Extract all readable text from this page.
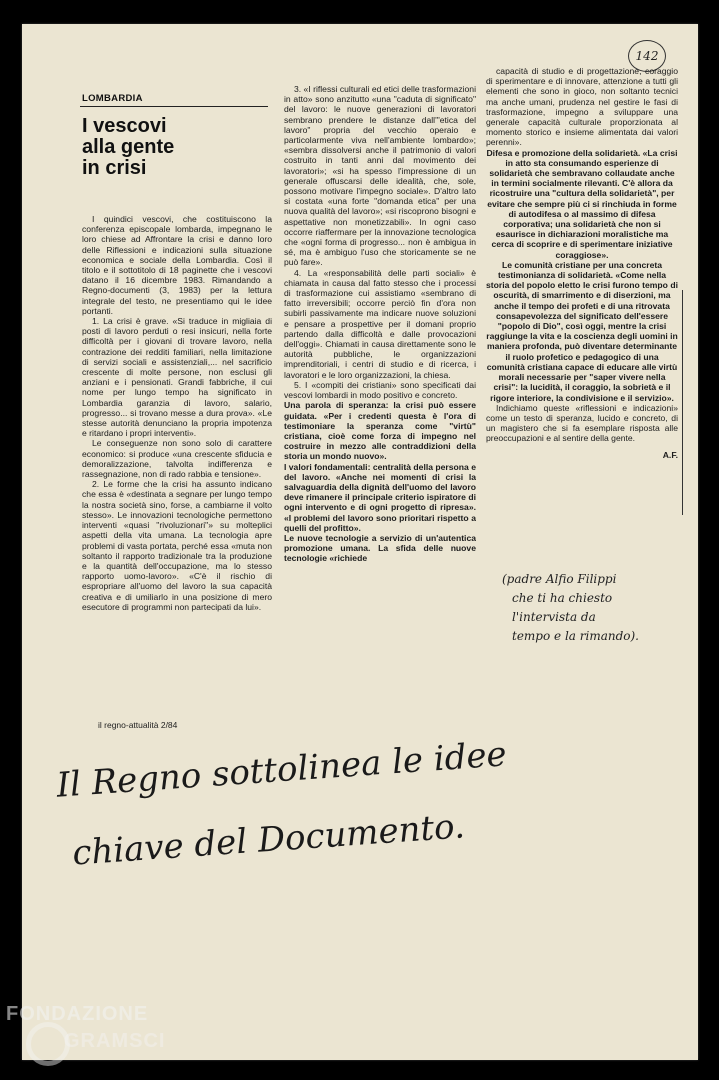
142
LOMBARDIA
I vescovi
alla gente
in crisi

I quindici vescovi, che costituiscono la conferenza episcopale lombarda, impegnano le loro chiese ad Affrontare la crisi e danno loro delle Riflessioni e indicazioni sulla situazione economica e sociale della Lombardia. Così il titolo e il sottotitolo di 18 paginette che i vescovi datano il 16 dicembre 1983. Rimandando a Regno-documenti (3, 1983) per la lettura integrale del testo, ne presentiamo qui le idee portanti.

1. La crisi è grave. «Si traduce in migliaia di posti di lavoro perduti o resi insicuri, nella forte difficoltà per i giovani di trovare lavoro, nella contrazione dei redditi familiari, nella limitazione di servizi sociali e assistenziali,... nel sacrificio crescente di molte persone, non esclusi gli anziani e i pensionati. Grandi fabbriche, il cui nome per lungo tempo ha significato in Lombardia garanzia di lavoro, salario, progresso... si trovano messe a dura prova». «Le stesse autorità denunciano la propria impotenza e ritardano i propri interventi».

Le conseguenze non sono solo di carattere economico: si produce «una crescente sfiducia e demoralizzazione, talvolta indifferenza e rassegnazione, non di rado rabbia e tensione».

2. Le forme che la crisi ha assunto indicano che essa è «destinata a segnare per lungo tempo la nostra società sino, forse, a cambiarne il volto stesso». Le innovazioni tecnologiche permettono interventi «quasi "rivoluzionari"» su molteplici aspetti della vita umana. La tecnologia apre problemi di vasta portata, perché essa «muta non soltanto il rapporto tradizionale tra la produzione e la quantità dell'occupazione, ma lo stesso rapporto uomo-lavoro». «C'è il rischio di espropriare all'uomo del lavoro la sua capacità creativa e di umiliarlo in una posizione di mero esecutore di programmi non partecipati da lui».

il regno-attualità 2/84

3. «I riflessi culturali ed etici delle trasformazioni in atto» sono anzitutto «una "caduta di significato" del lavoro: le nuove generazioni di lavoratori sembrano prendere le distanze dall'"etica del lavoro" propria del vecchio operaio e particolarmente viva nell'ambiente lombardo»; «sembra dissolversi anche il patrimonio di valori costruito in tanti anni dal movimento dei lavoratori»; «si ha spesso l'impressione di un generale offuscarsi delle idealità, che, sole, possono motivare l'impegno sociale». D'altro lato si costata «una forte "domanda etica" per una nuova qualità del lavoro»; «si riscoprono bisogni e aspettative non monetizzabili». In ogni caso occorre riaffermare per la innovazione tecnologica che «ogni forma di progresso... non è ambigua in sé, ma è ambiguo l'uso che storicamente se ne può fare».

4. La «responsabilità delle parti sociali» è chiamata in causa dal fatto stesso che i processi di trasformazione cui assistiamo «sembrano di fatto irreversibili; occorre perciò fin d'ora non subirli passivamente ma indicare nuove soluzioni e pensare a prospettive per il domani proprio partendo dalla difficoltà e dalle provocazioni dell'oggi». Chiamati in causa direttamente sono le autorità pubbliche, le organizzazioni imprenditoriali, i centri di studio e di ricerca, i lavoratori e le loro organizzazioni, la chiesa.

5. I «compiti dei cristiani» sono specificati dai vescovi lombardi in modo positivo e concreto.

Una parola di speranza: la crisi può essere guidata. «Per i credenti questa è l'ora di testimoniare la speranza come "virtù" cristiana, cioè come forza di impegno nel costruire in mezzo alle contraddizioni della storia un mondo nuovo».

I valori fondamentali: centralità della persona e del lavoro. «Anche nei momenti di crisi la salvaguardia della dignità dell'uomo del lavoro deve rimanere il principale criterio ispiratore di ogni intervento e di ogni progetto di ripresa». «I problemi del lavoro sono prioritari rispetto a quelli del profitto».

Le nuove tecnologie a servizio di un'autentica promozione umana. La sfida delle nuove tecnologie «richiede

capacità di studio e di progettazione, coraggio di sperimentare e di innovare, attenzione a tutti gli elementi che sono in gioco, non soltanto tecnici ma anche umani, prudenza nel gestire le fasi di trasformazione, impegno a sviluppare una generale capacità culturale proporzionata al momento storico e insieme alimentata dai valori perenni».

Difesa e promozione della solidarietà. «La crisi in atto sta consumando esperienze di solidarietà che sembravano collaudate anche in termini socialmente rilevanti. C'è allora da ricostruire una "cultura della solidarietà", per evitare che sempre più ci si rinchiuda in forme di autodifesa o al massimo di difesa corporativa; una solidarietà che non si esaurisce in dichiarazioni moralistiche ma cerca di scoprire e di sperimentare iniziative coraggiose».

Le comunità cristiane per una concreta testimonianza di solidarietà. «Come nella storia del popolo eletto le crisi furono tempo di oscurità, di smarrimento e di diserzioni, ma anche il tempo dei profeti e di una ritrovata consapevolezza del significato dell'essere "popolo di Dio", così oggi, mentre la crisi raggiunge la vita e la coscienza degli uomini in maniera profonda, può diventare determinante il ruolo profetico e pedagogico di una comunità cristiana capace di educare alle virtù morali necessarie per "saper vivere nella crisi": la lucidità, il coraggio, la sobrietà e il rigore interiore, la condivisione e il servizio».

Indichiamo queste «riflessioni e indicazioni» come un testo di speranza, lucido e concreto, di un magistero che si fa esemplare risposta alle preoccupazioni e al sentire della gente.

A.F.

(padre Alfio Filippi
che ti ha chiesto
l'intervista da
tempo e la rimando).
Il Regno sottolinea le idee
chiave del Documento.
FONDAZIONE
GRAMSCI
